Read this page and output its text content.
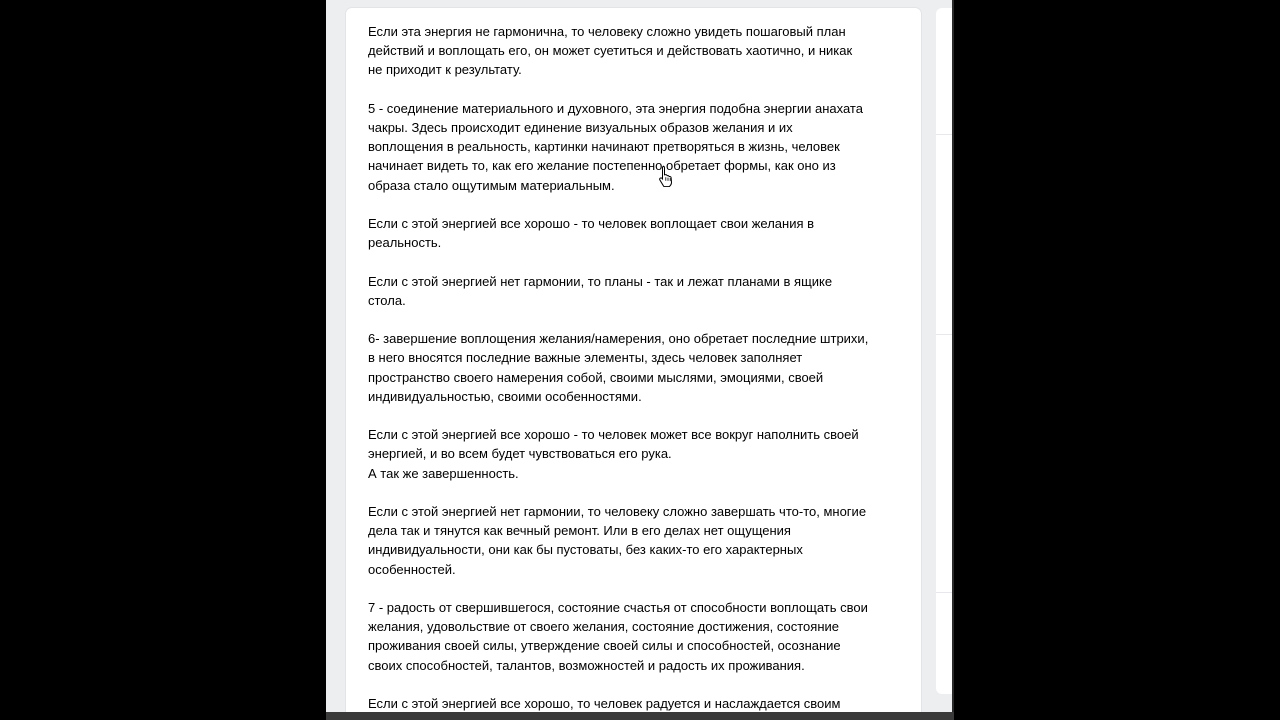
Если эта энергия не гармонична, то человеку сложно увидеть пошаговый план
действий и воплощать его, он может суетиться и действовать хаотично, и никак
не приходит к результату.

5 - соединение материального и духовного, эта энергия подобна энергии анахата
чакры. Здесь происходит единение визуальных образов желания и их
воплощения в реальность, картинки начинают претворяться в жизнь, человек
начинает видеть то, как его желание постепенно обретает формы, как оно из
образа стало ощутимым материальным.

Если с этой энергией все хорошо - то человек воплощает свои желания в
реальность.

Если с этой энергией нет гармонии, то планы - так и лежат планами в ящике
стола.

6- завершение воплощения желания/намерения, оно обретает последние штрихи,
в него вносятся последние важные элементы, здесь человек заполняет
пространство своего намерения собой, своими мыслями, эмоциями, своей
индивидуальностью, своими особенностями.

Если с этой энергией все хорошо - то человек может все вокруг наполнить своей
энергией, и во всем будет чувствоваться его рука.
А так же завершенность.

Если с этой энергией нет гармонии, то человеку сложно завершать что-то, многие
дела так и тянутся как вечный ремонт. Или в его делах нет ощущения
индивидуальности, они как бы пустоваты, без каких-то его характерных
особенностей.

7 - радость от свершившегося, состояние счастья от способности воплощать свои
желания, удовольствие от своего желания, состояние достижения, состояние
проживания своей силы, утверждение своей силы и способностей, осознание
своих способностей, талантов, возможностей и радость их проживания.

Если с этой энергией все хорошо, то человек радуется и наслаждается своим
